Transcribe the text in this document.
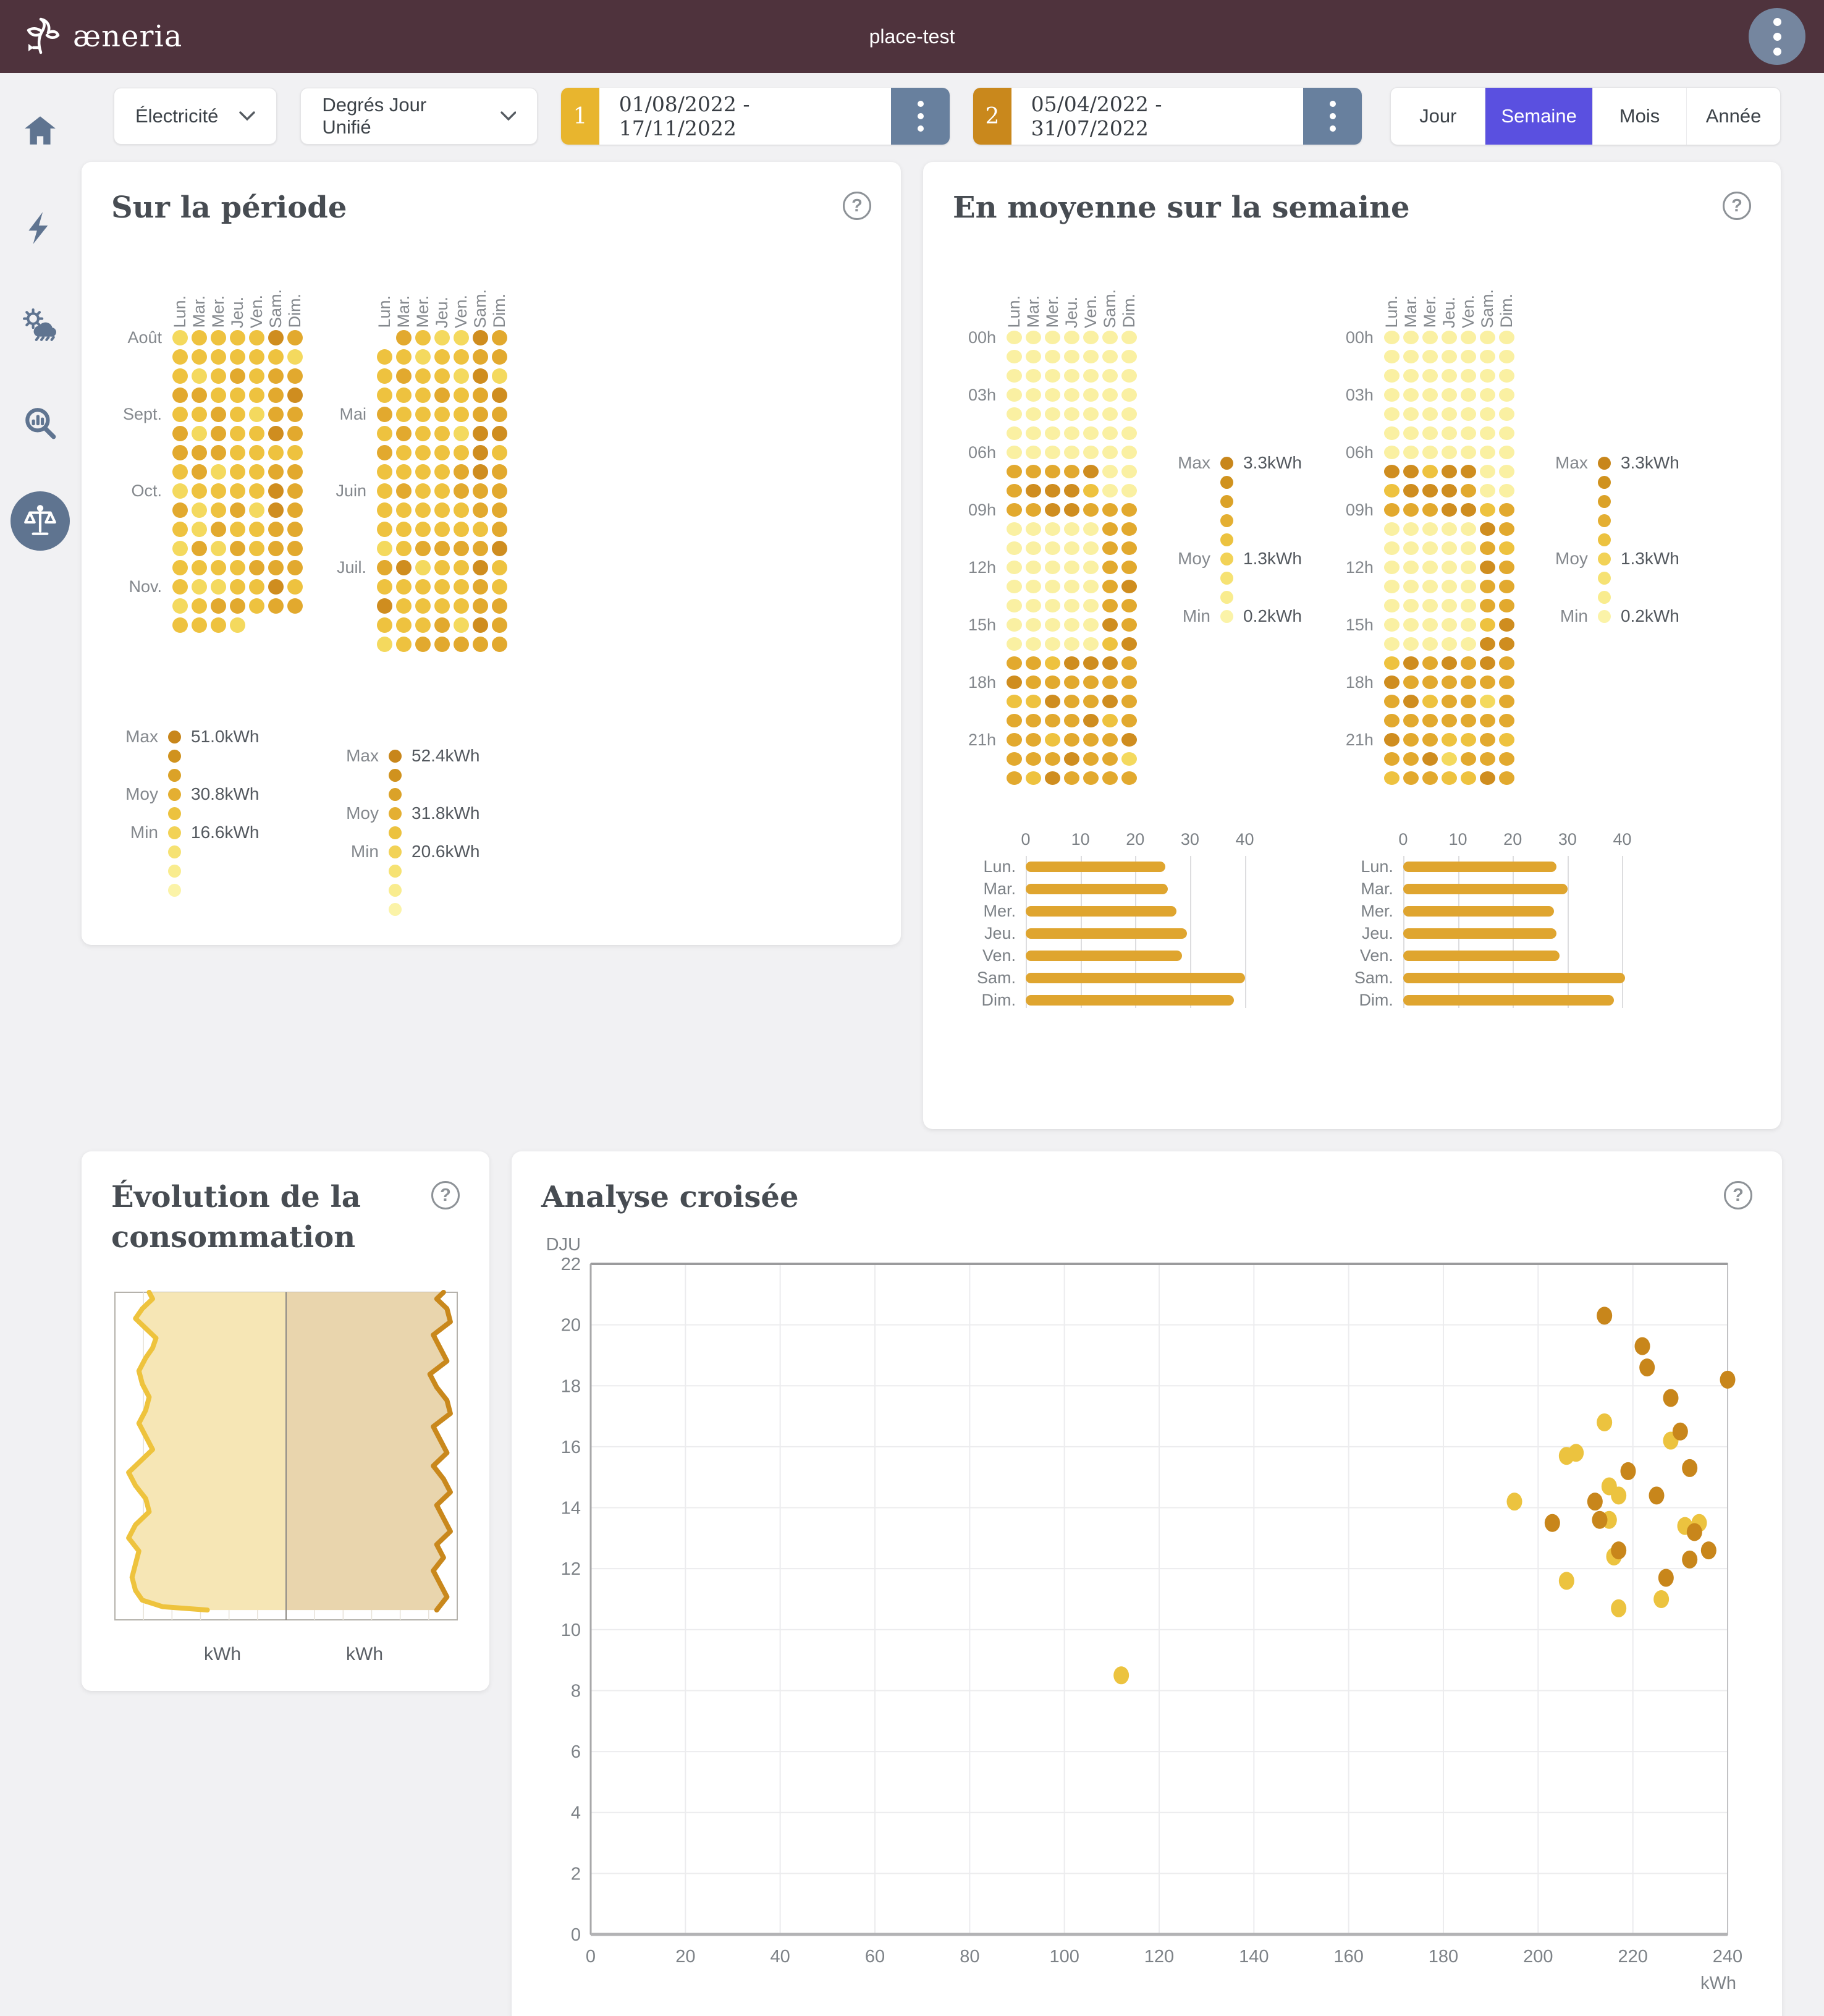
æneria	place-test
Électricité
Degrés Jour Unifié	1	01/08/2022 - 17/11/2022	2	05/04/2022 - 31/07/2022
Jour	Semaine	Mois	Année
Sur la période	?
Lun. Mar. Mer. Jeu. Ven. Sam. Dim.
Août
Sept.
Oct.
Nov.
Max 51.0kWh
Moy 30.8kWh
Min 16.6kWh
Lun. Mar. Mer. Jeu. Ven. Sam. Dim.
Mai
Juin
Juil.
Max 52.4kWh
Moy 31.8kWh
Min 20.6kWh
En moyenne sur la semaine	?
Lun. Mar. Mer. Jeu. Ven. Sam. Dim.
00h
03h
06h
09h
12h
15h
18h
21h
Max 3.3kWh
Moy 1.3kWh
Min 0.2kWh
0 10 20 30 40
Lun.
Mar.
Mer.
Jeu.
Ven.
Sam.
Dim.
Lun. Mar. Mer. Jeu. Ven. Sam. Dim.
00h
03h
06h
09h
12h
15h
18h
21h
Max 3.3kWh
Moy 1.3kWh
Min 0.2kWh
0 10 20 30 40
Lun.
Mar.
Mer.
Jeu.
Ven.
Sam.
Dim.
Évolution de la consommation
?
kWh	kWh
Analyse croisée	?
0
2
4
6
8
10
12
14
16
18
20
22
DJU
0	20	40	60	80	100	120	140	160	180	200	220	240
kWh
